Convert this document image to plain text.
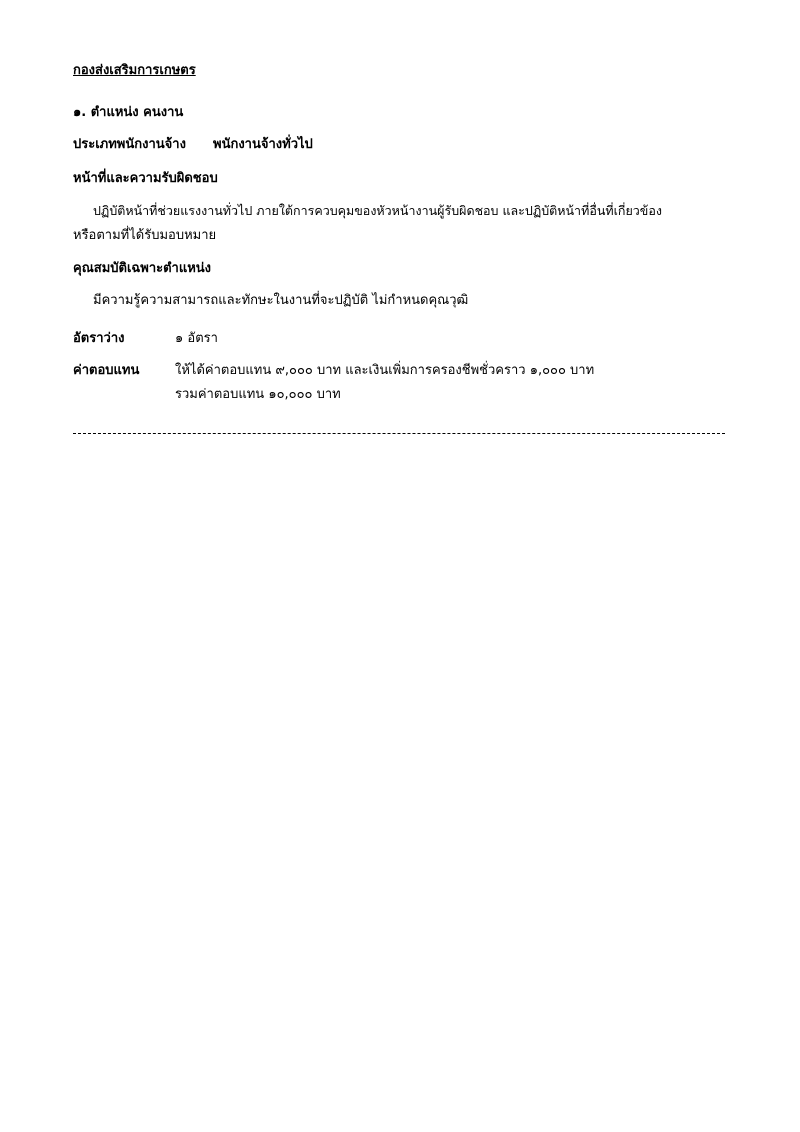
กองส่งเสริมการเกษตร
๑. ตำแหน่ง คนงาน
ประเภทพนักงานจ้าง พนักงานจ้างทั่วไป
หน้าที่และความรับผิดชอบ
ปฏิบัติหน้าที่ช่วยแรงงานทั่วไป ภายใต้การควบคุมของหัวหน้างานผู้รับผิดชอบ และปฏิบัติหน้าที่อื่นที่เกี่ยวข้อง
หรือตามที่ได้รับมอบหมาย
คุณสมบัติเฉพาะตำแหน่ง
มีความรู้ความสามารถและทักษะในงานที่จะปฏิบัติ ไม่กำหนดคุณวุฒิ
อัตราว่าง	๑ อัตรา
ค่าตอบแทน	ให้ได้ค่าตอบแทน ๙,๐๐๐ บาท และเงินเพิ่มการครองชีพชั่วคราว ๑,๐๐๐ บาท
รวมค่าตอบแทน ๑๐,๐๐๐ บาท
